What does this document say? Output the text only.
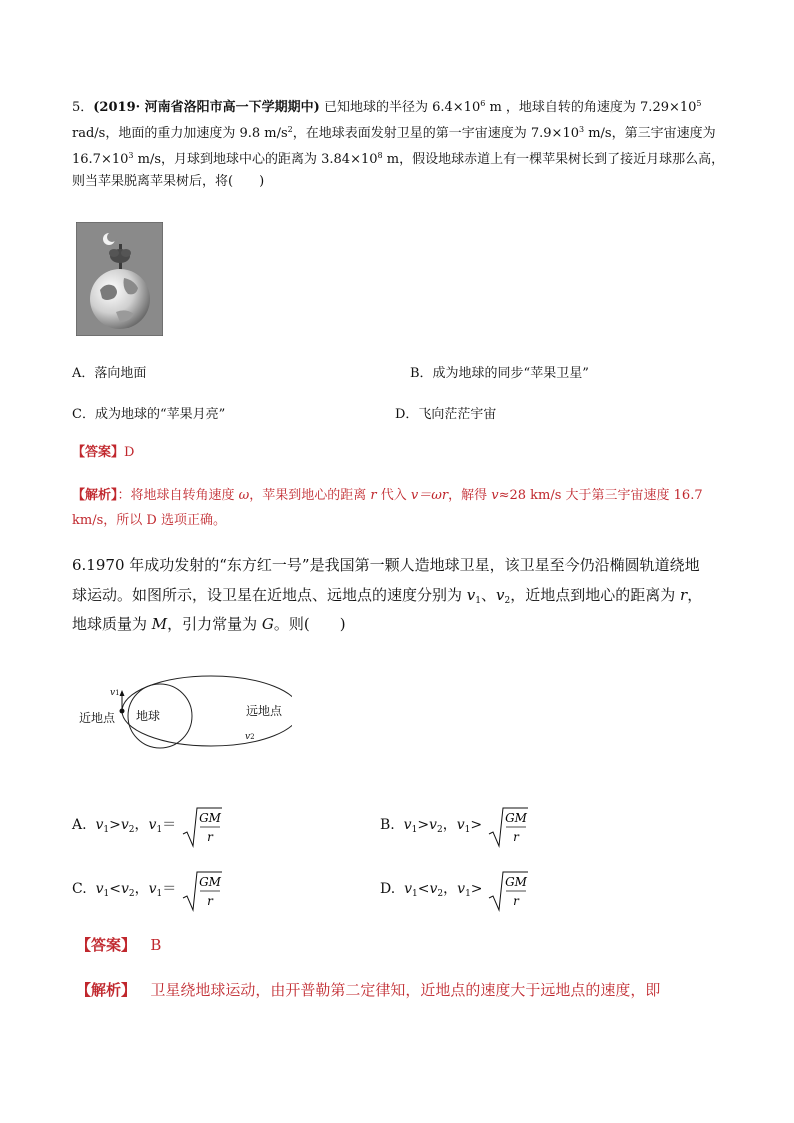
5．(2019· 河南省洛阳市高一下学期期中) 已知地球的半径为 $6.4\times 10^6$ m ，地球自转的角速度为 $7.29\times 10^5$
rad/s，地面的重力加速度为 9.8 $m/s^2$，在地球表面发射卫星的第一宇宙速度为 $7.9\times 10^3$ m/s，第三宇宙速度为
$16.7\times 10^3$ m/s，月球到地球中心的距离为 $3.84\times 10^8$ m，假设地球赤道上有一棵苹果树长到了接近月球那么高，
则当苹果脱离苹果树后，将(　　)
A．落向地面	B．成为地球的同步“苹果卫星”
C．成为地球的“苹果月亮”	D．飞向茫茫宇宙
【答案】D
【解析】：将地球自转角速度 ω，苹果到地心的距离 r 代入 v＝ωr，解得 v≈28 km/s 大于第三宇宙速度 16.7
km/s，所以 D 选项正确。
6.1970 年成功发射的“东方红一号”是我国第一颗人造地球卫星，该卫星至今仍沿椭圆轨道绕地
球运动。如图所示，设卫星在近地点、远地点的速度分别为 $v_1$、$v_2$，近地点到地心的距离为 r，
地球质量为 M，引力常量为 G。则(　　)
v1
近地点 地球	远地点
v2
A. $v_1>v_2$，$v_1=$ GM
r
B. $v_1>v_2$，$v_1>$ GM
r
C. $v_1<v_2$，$v_1=$ GM
r
D. $v_1<v_2$，$v_1>$ GM
r
【答案】 B
【解析】 卫星绕地球运动，由开普勒第二定律知，近地点的速度大于远地点的速度，即
